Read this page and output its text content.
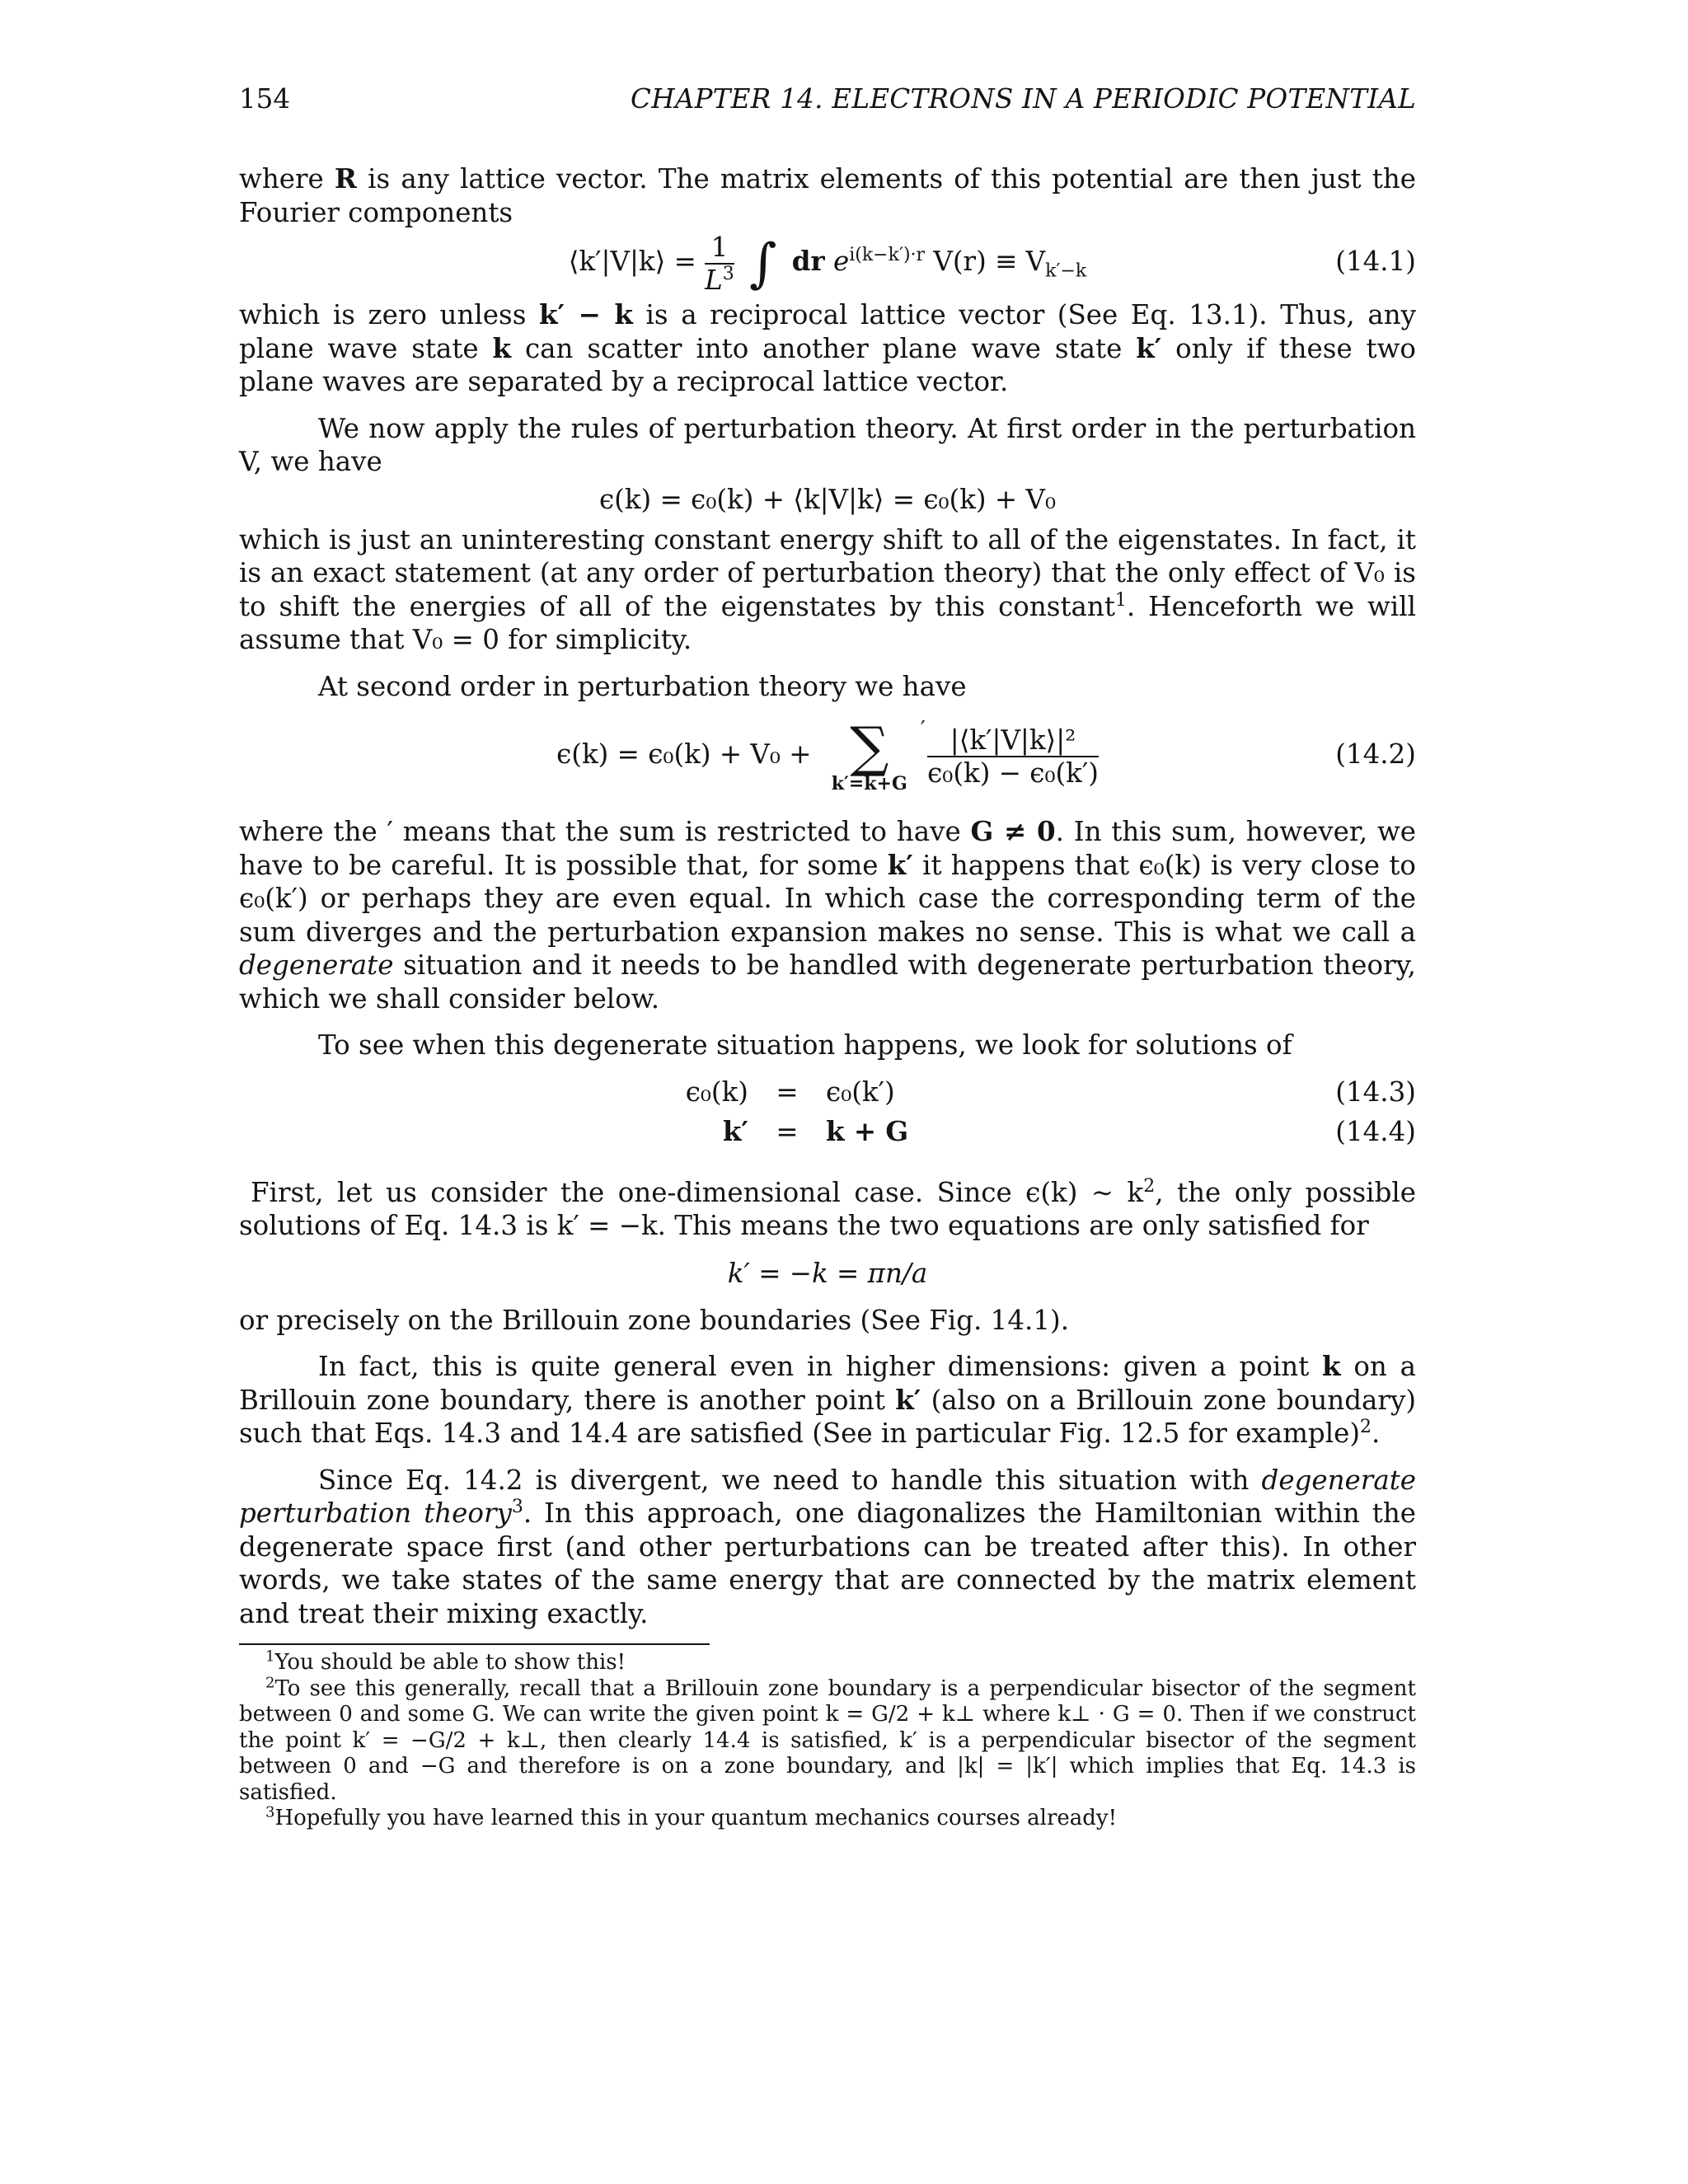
154	CHAPTER 14. ELECTRONS IN A PERIODIC POTENTIAL

where R is any lattice vector. The matrix elements of this potential are then just the Fourier components

⟨k′|V|k⟩ = $\frac{1}{L^3}$ ∫ dr $e^{i(k-k')\cdot r}$ $V(r) \equiv V_{k'-k}$	(14.1)

which is zero unless k′ − k is a reciprocal lattice vector (See Eq. 13.1). Thus, any plane wave state k can scatter into another plane wave state k′ only if these two plane waves are separated by a reciprocal lattice vector.

We now apply the rules of perturbation theory. At first order in the perturbation V, we have

ϵ(k) = ϵ₀(k) + ⟨k|V|k⟩ = ϵ₀(k) + V₀

which is just an uninteresting constant energy shift to all of the eigenstates. In fact, it is an exact statement (at any order of perturbation theory) that the only effect of V₀ is to shift the energies of all of the eigenstates by this constant$^1$. Henceforth we will assume that V₀ = 0 for simplicity.

At second order in perturbation theory we have

ϵ(k) = ϵ₀(k) + V₀ + ∑	′
k′=k+G
$\frac{\text{|⟨k′|V|k⟩|²}}{\text{ϵ₀(k) − ϵ₀(k′)}}$	(14.2)

where the ′ means that the sum is restricted to have G ≠ 0. In this sum, however, we have to be careful. It is possible that, for some k′ it happens that ϵ₀(k) is very close to ϵ₀(k′) or perhaps they are even equal. In which case the corresponding term of the sum diverges and the perturbation expansion makes no sense. This is what we call a degenerate situation and it needs to be handled with degenerate perturbation theory, which we shall consider below.

To see when this degenerate situation happens, we look for solutions of

ϵ₀(k) = ϵ₀(k′)	(14.3)
k′ = k + G	(14.4)

First, let us consider the one-dimensional case. Since ϵ(k) ∼ $k^2$, the only possible solutions of Eq. 14.3 is k′ = −k. This means the two equations are only satisfied for

k′ = −k = πn/a

or precisely on the Brillouin zone boundaries (See Fig. 14.1).

In fact, this is quite general even in higher dimensions: given a point k on a Brillouin zone boundary, there is another point k′ (also on a Brillouin zone boundary) such that Eqs. 14.3 and 14.4 are satisfied (See in particular Fig. 12.5 for example)$^2$.

Since Eq. 14.2 is divergent, we need to handle this situation with degenerate perturbation theory$^3$. In this approach, one diagonalizes the Hamiltonian within the degenerate space first (and other perturbations can be treated after this). In other words, we take states of the same energy that are connected by the matrix element and treat their mixing exactly.

$^1$You should be able to show this!

$^2$To see this generally, recall that a Brillouin zone boundary is a perpendicular bisector of the segment between 0 and some G. We can write the given point k = G/2 + k⊥ where k⊥ · G = 0. Then if we construct the point k′ = −G/2 + k⊥, then clearly 14.4 is satisfied, k′ is a perpendicular bisector of the segment between 0 and −G and therefore is on a zone boundary, and |k| = |k′| which implies that Eq. 14.3 is satisfied.

$^3$Hopefully you have learned this in your quantum mechanics courses already!
